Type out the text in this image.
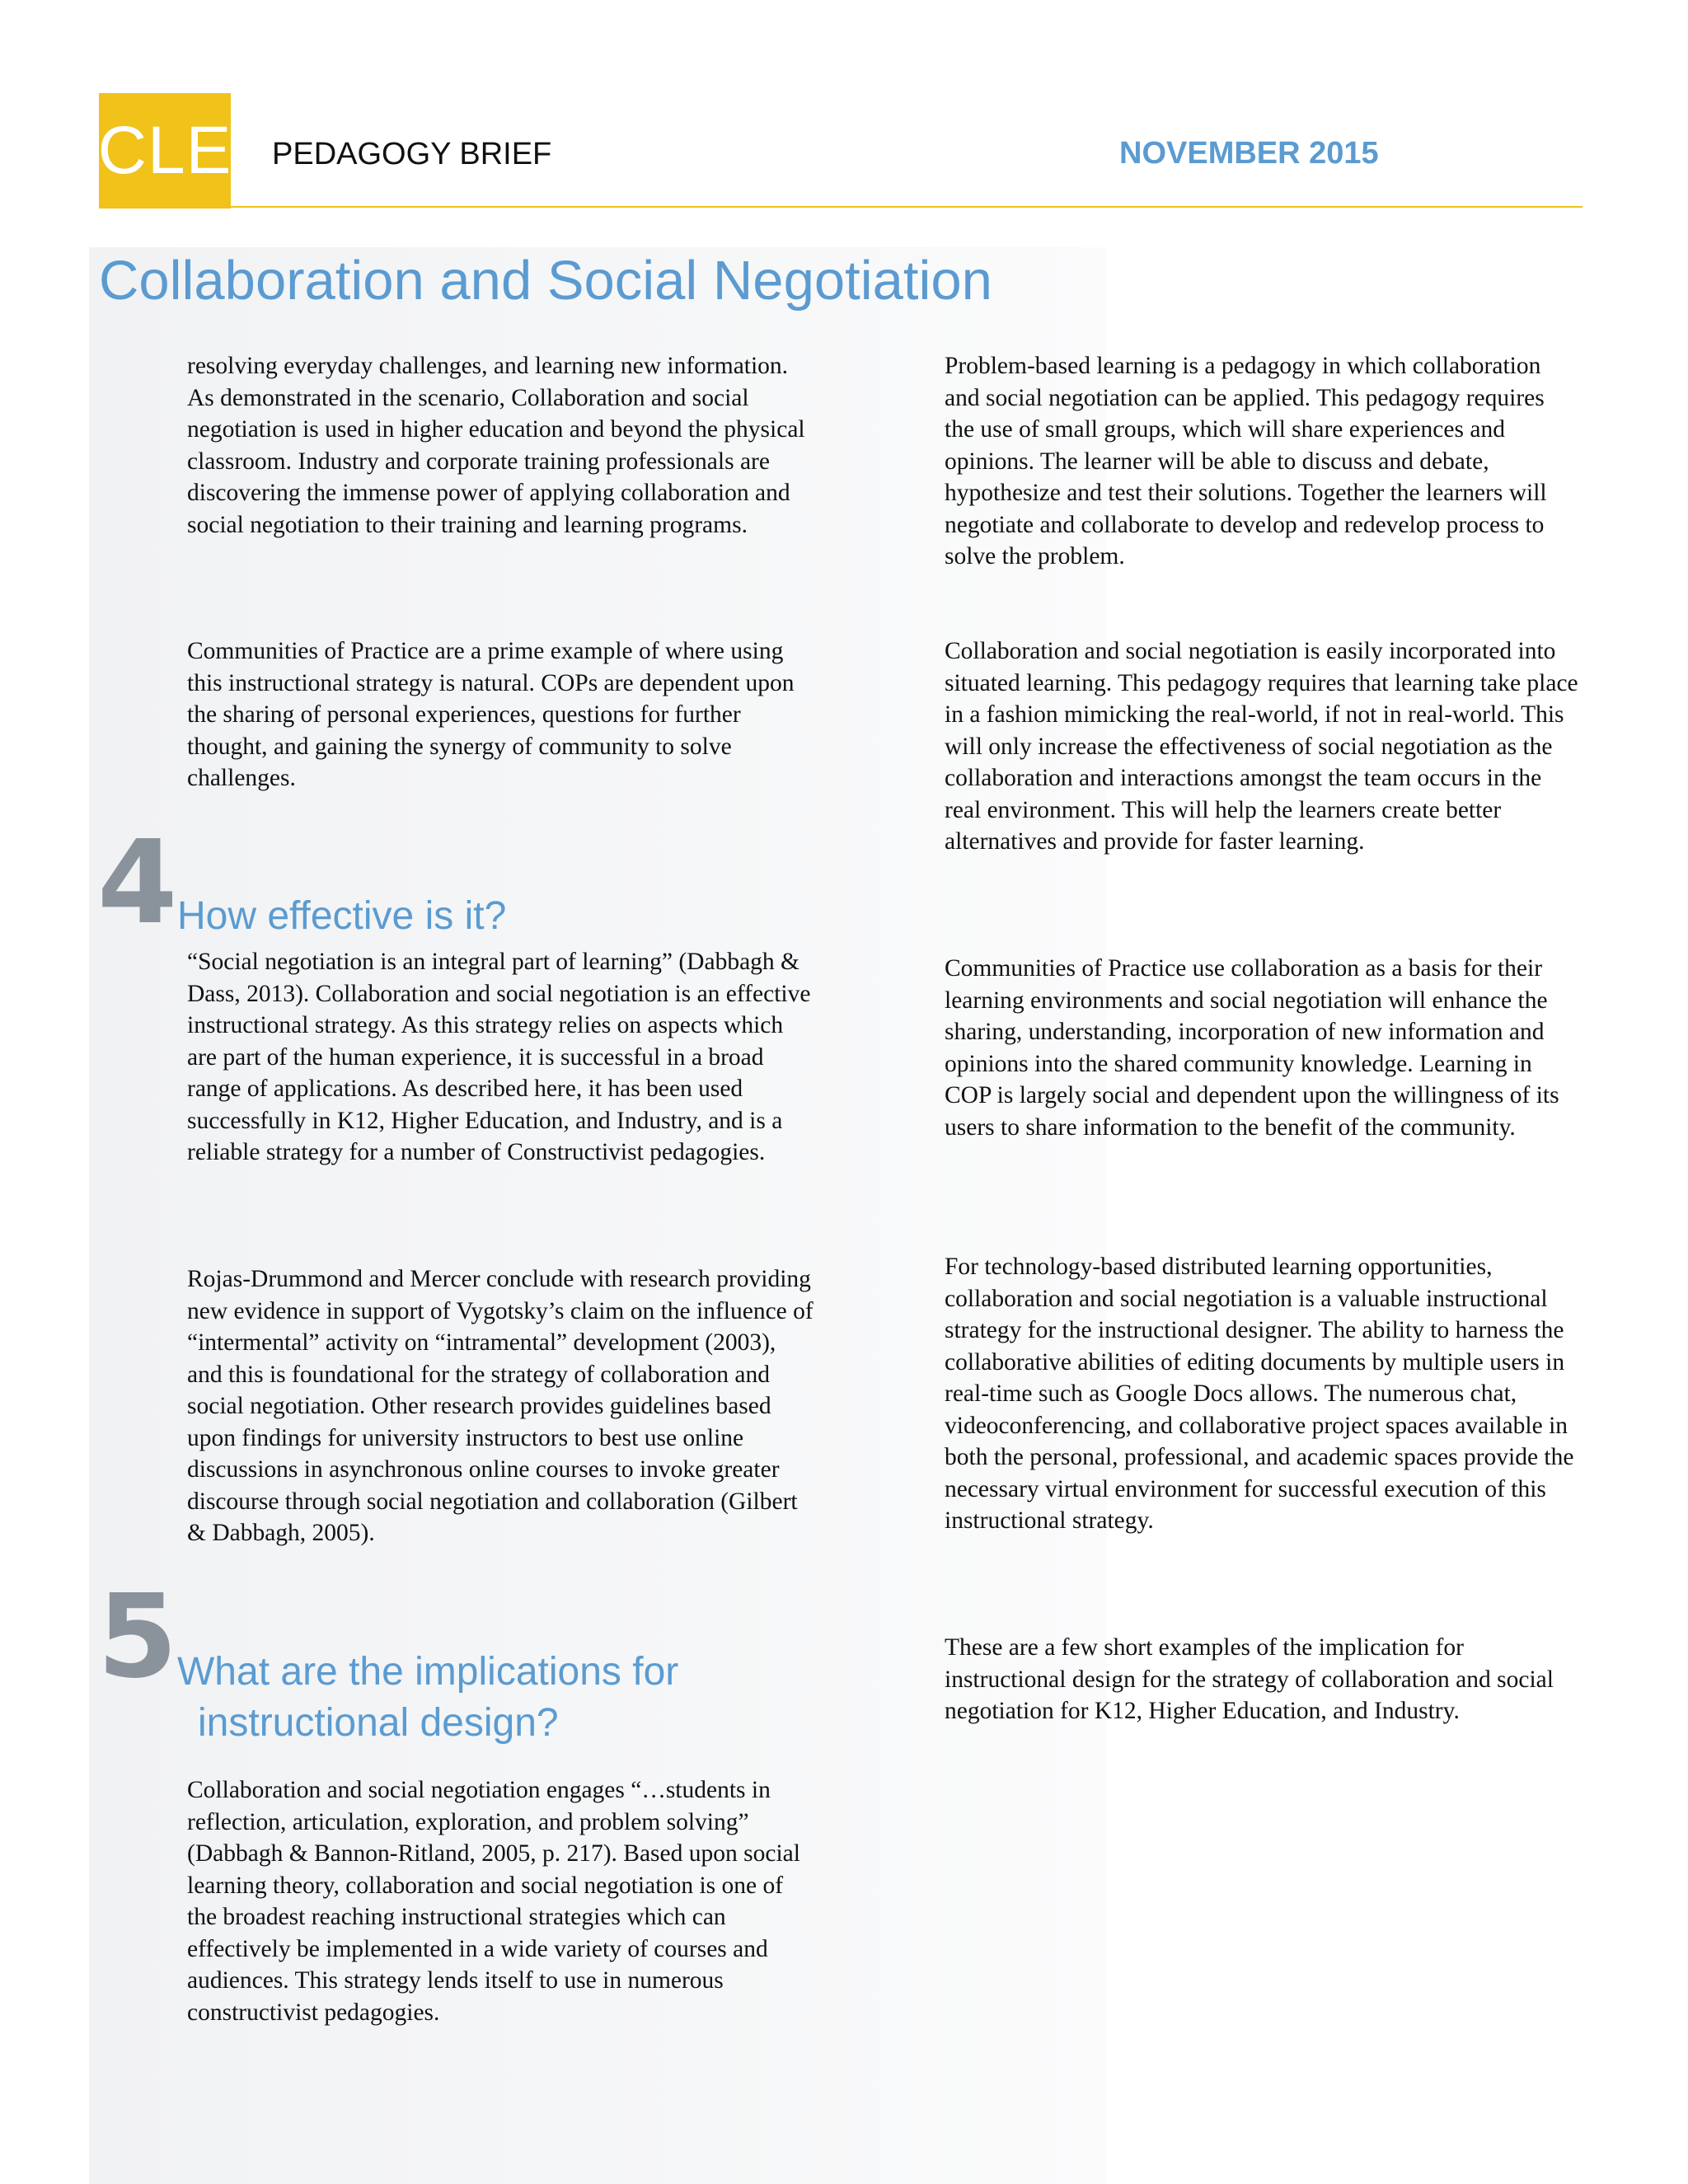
CLE PEDAGOGY BRIEF	NOVEMBER 2015
Collaboration and Social Negotiation

resolving everyday challenges, and learning new information. As demonstrated in the scenario, Collaboration and social negotiation is used in higher education and beyond the physical classroom. Industry and corporate training professionals are discovering the immense power of applying collaboration and social negotiation to their training and learning programs.

Communities of Practice are a prime example of where using this instructional strategy is natural. COPs are dependent upon the sharing of personal experiences, questions for further thought, and gaining the synergy of community to solve challenges.

4 How effective is it?

“Social negotiation is an integral part of learning” (Dabbagh & Dass, 2013). Collaboration and social negotiation is an effective instructional strategy. As this strategy relies on aspects which are part of the human experience, it is successful in a broad range of applications. As described here, it has been used successfully in K12, Higher Education, and Industry, and is a reliable strategy for a number of Constructivist pedagogies.

Rojas-Drummond and Mercer conclude with research providing new evidence in support of Vygotsky’s claim on the influence of “intermental” activity on “intramental” development (2003), and this is foundational for the strategy of collaboration and social negotiation. Other research provides guidelines based upon findings for university instructors to best use online discussions in asynchronous online courses to invoke greater discourse through social negotiation and collaboration (Gilbert & Dabbagh, 2005).

5 What are the implications for
instructional design?

Collaboration and social negotiation engages “…students in reflection, articulation, exploration, and problem solving” (Dabbagh & Bannon-Ritland, 2005, p. 217). Based upon social learning theory, collaboration and social negotiation is one of the broadest reaching instructional strategies which can effectively be implemented in a wide variety of courses and audiences. This strategy lends itself to use in numerous constructivist pedagogies.

Problem-based learning is a pedagogy in which collaboration and social negotiation can be applied. This pedagogy requires the use of small groups, which will share experiences and opinions. The learner will be able to discuss and debate, hypothesize and test their solutions. Together the learners will negotiate and collaborate to develop and redevelop process to solve the problem.

Collaboration and social negotiation is easily incorporated into situated learning. This pedagogy requires that learning take place in a fashion mimicking the real-world, if not in real-world. This will only increase the effectiveness of social negotiation as the collaboration and interactions amongst the team occurs in the real environment. This will help the learners create better alternatives and provide for faster learning.

Communities of Practice use collaboration as a basis for their learning environments and social negotiation will enhance the sharing, understanding, incorporation of new information and opinions into the shared community knowledge. Learning in COP is largely social and dependent upon the willingness of its users to share information to the benefit of the community.

For technology-based distributed learning opportunities, collaboration and social negotiation is a valuable instructional strategy for the instructional designer. The ability to harness the collaborative abilities of editing documents by multiple users in real-time such as Google Docs allows. The numerous chat, videoconferencing, and collaborative project spaces available in both the personal, professional, and academic spaces provide the necessary virtual environment for successful execution of this instructional strategy.

These are a few short examples of the implication for instructional design for the strategy of collaboration and social negotiation for K12, Higher Education, and Industry.
